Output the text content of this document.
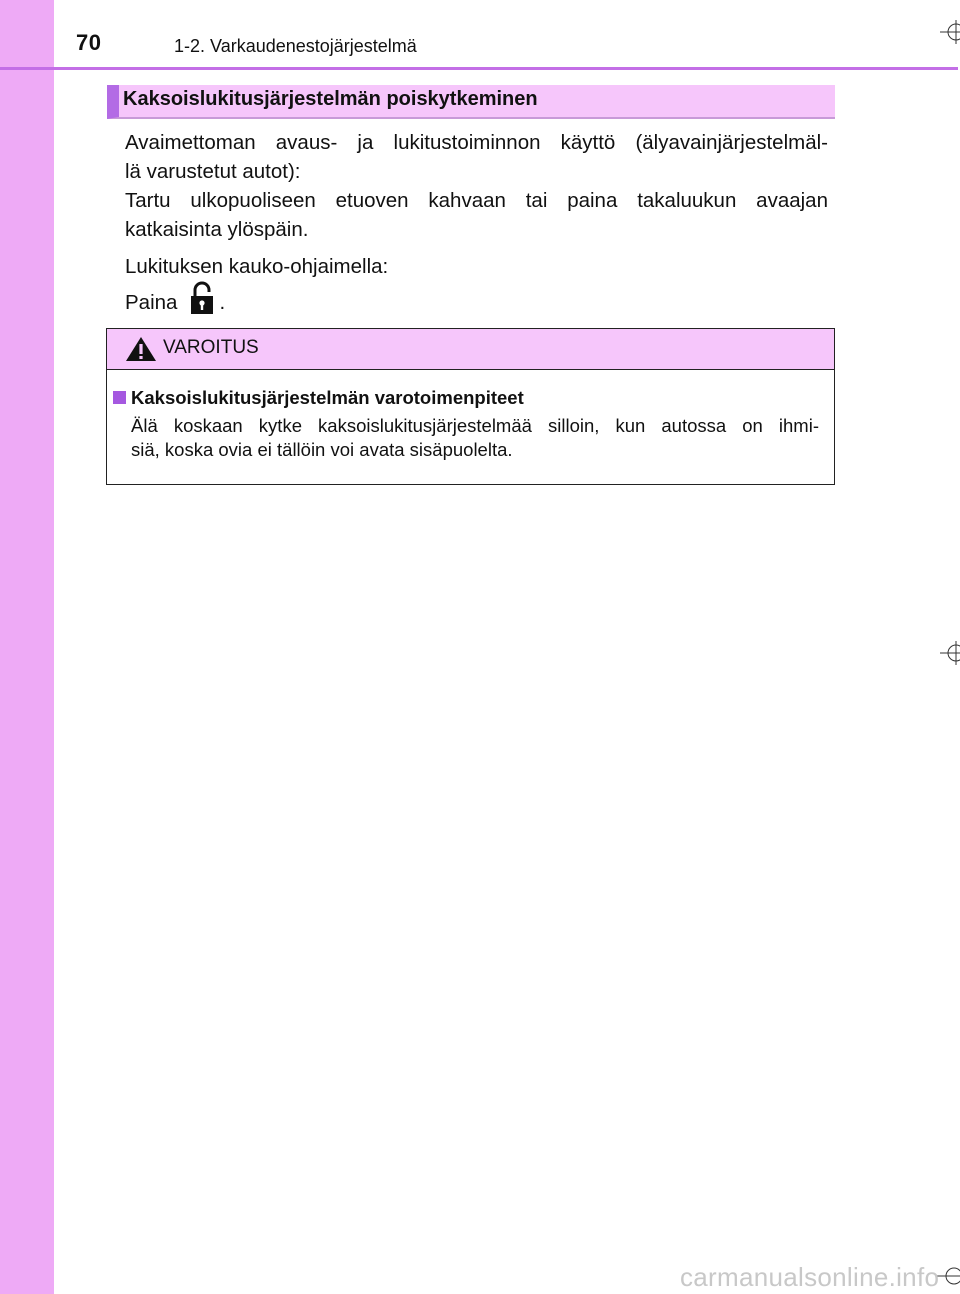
70	1-2. Varkaudenestojärjestelmä
Kaksoislukitusjärjestelmän poiskytkeminen
Avaimettoman avaus- ja lukitustoiminnon käyttö (älyavainjärjestelmäl-
lä varustetut autot):
Tartu ulkopuoliseen etuoven kahvaan tai paina takaluukun avaajan
katkaisinta ylöspäin.
Lukituksen kauko-ohjaimella:
Paina .
VAROITUS
Kaksoislukitusjärjestelmän varotoimenpiteet
Älä koskaan kytke kaksoislukitusjärjestelmää silloin, kun autossa on ihmi-
siä, koska ovia ei tällöin voi avata sisäpuolelta.
carmanualsonline.info
